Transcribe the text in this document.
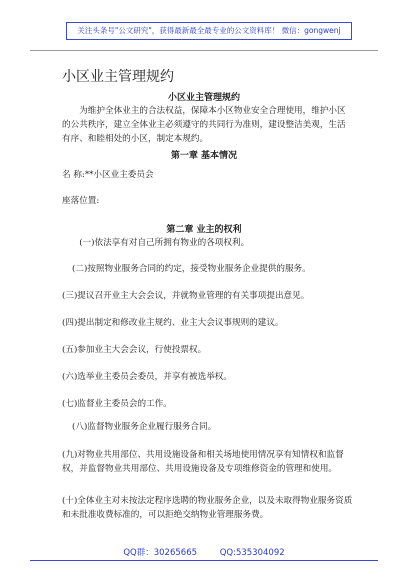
关注头条号"公文研究"，获得最新最全最专业的公文资料库！ 微信：gongwenj
小区业主管理规约
小区业主管理规约
为维护全体业主的合法权益，保障本小区物业安全合理使用，维护小区的公共秩序，建立全体业主必须遵守的共同行为准则，建设整洁美观，生活有序、和睦相处的小区，制定本规约。
第一章 基本情况
名 称:**小区业主委员会
座落位置:
第二章 业主的权利
(一)依法享有对自己所拥有物业的各项权利。
(二)按照物业服务合同的约定，接受物业服务企业提供的服务。
(三)提议召开业主大会会议，并就物业管理的有关事项提出意见。
(四)提出制定和修改业主规约、业主大会议事规则的建议。
(五)参加业主大会会议，行使投票权。
(六)选举业主委员会委员，并享有被选举权。
(七)监督业主委员会的工作。
(八)监督物业服务企业履行服务合同。
(九)对物业共用部位、共用设施设备和相关场地使用情况享有知情权和监督权，并监督物业共用部位、共用设施设备及专项维修资金的管理和使用。
(十)全体业主对未按法定程序选聘的物业服务企业，以及未取得物业服务资质和未批准收费标准的，可以拒绝交纳物业管理服务费。
QQ群：30265665	QQ:535304092
